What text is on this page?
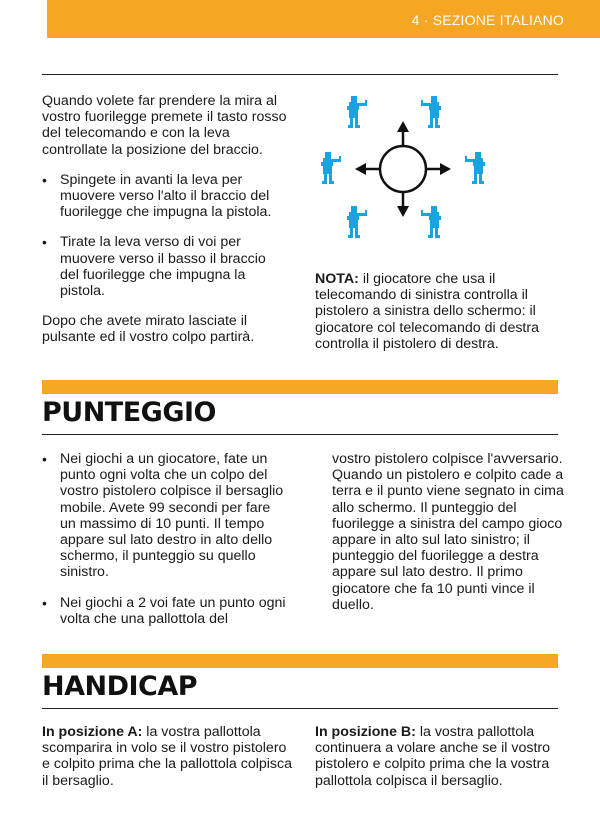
4 · SEZIONE ITALIANO

Quando volete far prendere la mira al vostro fuorilegge premete il tasto rosso del telecomando e con la leva controllate la posizione del braccio.

• Spingete in avanti la leva per muovere verso l'alto il braccio del fuorilegge che impugna la pistola.
• Tirate la leva verso di voi per muovere verso il basso il braccio del fuorilegge che impugna la pistola.

Dopo che avete mirato lasciate il pulsante ed il vostro colpo partirà.

NOTA: il giocatore che usa il telecomando di sinistra controlla il pistolero a sinistra dello schermo: il giocatore col telecomando di destra controlla il pistolero di destra.
PUNTEGGIO
• Nei giochi a un giocatore, fate un punto ogni volta che un colpo del vostro pistolero colpisce il bersaglio mobile. Avete 99 secondi per fare un massimo di 10 punti. Il tempo appare sul lato destro in alto dello schermo, il punteggio su quello sinistro.
• Nei giochi a 2 voi fate un punto ogni volta che una pallottola del

vostro pistolero colpisce l'avversario. Quando un pistolero e colpito cade a terra e il punto viene segnato in cima allo schermo. Il punteggio del fuorilegge a sinistra del campo gioco appare in alto sul lato sinistro; il punteggio del fuorilegge a destra appare sul lato destro. Il primo giocatore che fa 10 punti vince il duello.

HANDICAP
In posizione A: la vostra pallottola scomparira in volo se il vostro pistolero e colpito prima che la pallottola colpisca il bersaglio.
In posizione B: la vostra pallottola continuera a volare anche se il vostro pistolero e colpito prima che la vostra pallottola colpisca il bersaglio.
